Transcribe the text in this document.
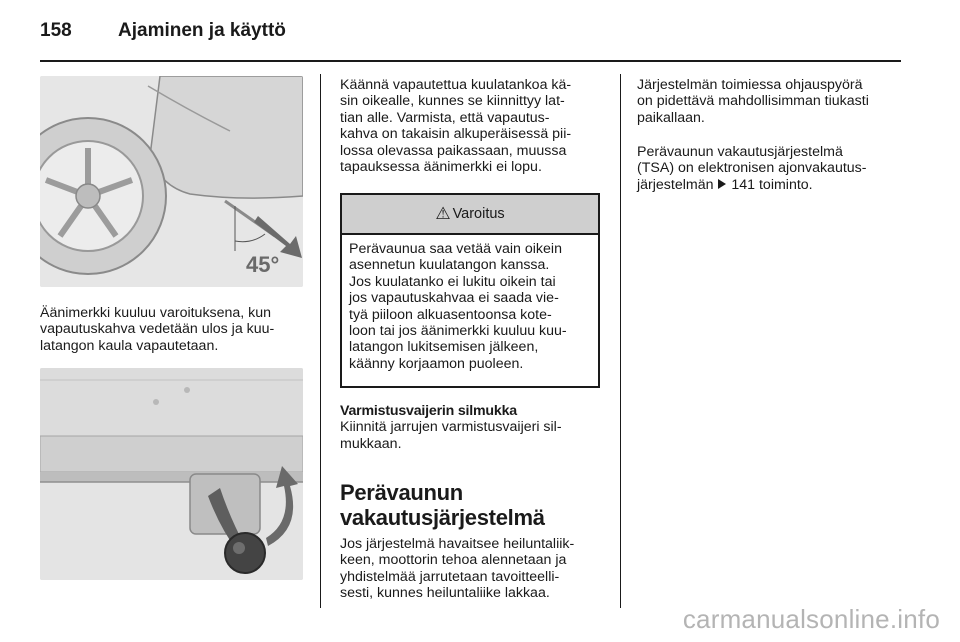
158 Ajaminen ja käyttö
45°
Äänimerkki kuuluu varoituksena, kun
vapautuskahva vedetään ulos ja kuu-
latangon kaula vapautetaan.
Käännä vapautettua kuulatankoa kä-
sin oikealle, kunnes se kiinnittyy lat-
tian alle. Varmista, että vapautus-
kahva on takaisin alkuperäisessä pii-
lossa olevassa paikassaan, muussa
tapauksessa äänimerkki ei lopu.
⚠ Varoitus
Perävaunua saa vetää vain oikein
asennetun kuulatangon kanssa.
Jos kuulatanko ei lukitu oikein tai
jos vapautuskahvaa ei saada vie-
tyä piiloon alkuasentoonsa kote-
loon tai jos äänimerkki kuuluu kuu-
latangon lukitsemisen jälkeen,
käänny korjaamon puoleen.
Varmistusvaijerin silmukka
Kiinnitä jarrujen varmistusvaijeri sil-
mukkaan.
Perävaunun
vakautusjärjestelmä
Jos järjestelmä havaitsee heiluntaliik-
keen, moottorin tehoa alennetaan ja
yhdistelmää jarrutetaan tavoitteelli-
sesti, kunnes heiluntaliike lakkaa.
Järjestelmän toimiessa ohjauspyörä
on pidettävä mahdollisimman tiukasti
paikallaan.
Perävaunun vakautusjärjestelmä
(TSA) on elektronisen ajonvakautus-
järjestelmän  141 toiminto.
carmanualsonline.info
